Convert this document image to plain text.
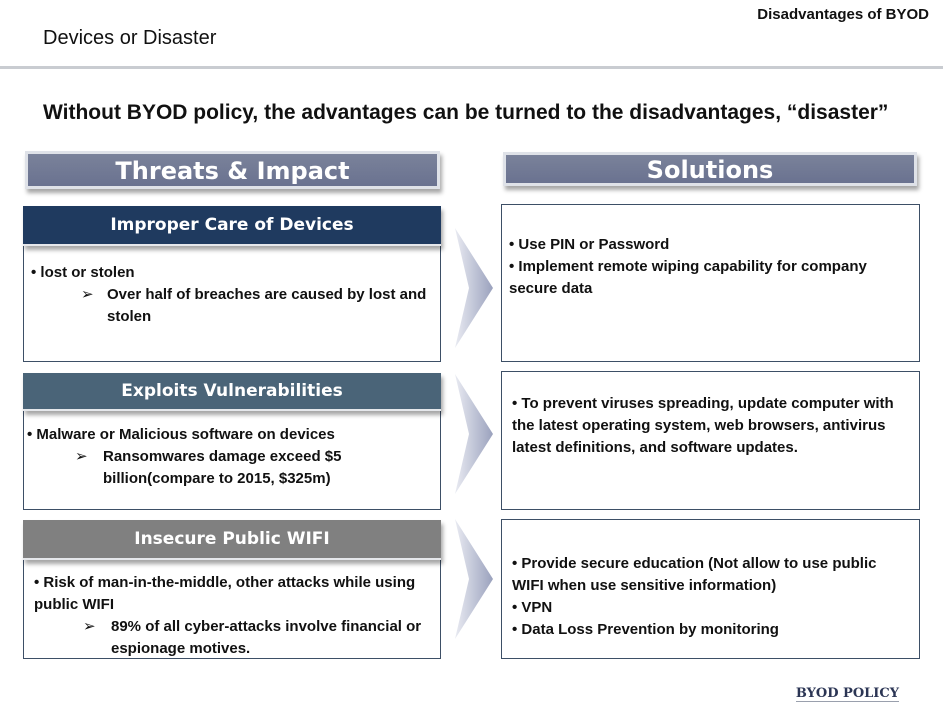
Disadvantages of BYOD
Devices or Disaster
Without BYOD policy, the advantages can be turned to the disadvantages, “disaster”
Threats & Impact	Solutions
Improper Care of Devices
• lost or stolen
➢ Over half of breaches are caused by lost and stolen
• Use PIN or Password
• Implement remote wiping capability for company secure data
Exploits Vulnerabilities
• Malware or Malicious software on devices
➢ Ransomwares damage exceed $5 billion(compare to 2015, $325m)
• To prevent viruses spreading, update computer with the latest operating system, web browsers, antivirus latest definitions, and software updates.
Insecure Public WIFI
• Risk of man-in-the-middle, other attacks while using public WIFI
➢ 89% of all cyber-attacks involve financial or espionage motives.
• Provide secure education (Not allow to use public WIFI when use sensitive information)
• VPN
• Data Loss Prevention by monitoring
BYOD POLICY
